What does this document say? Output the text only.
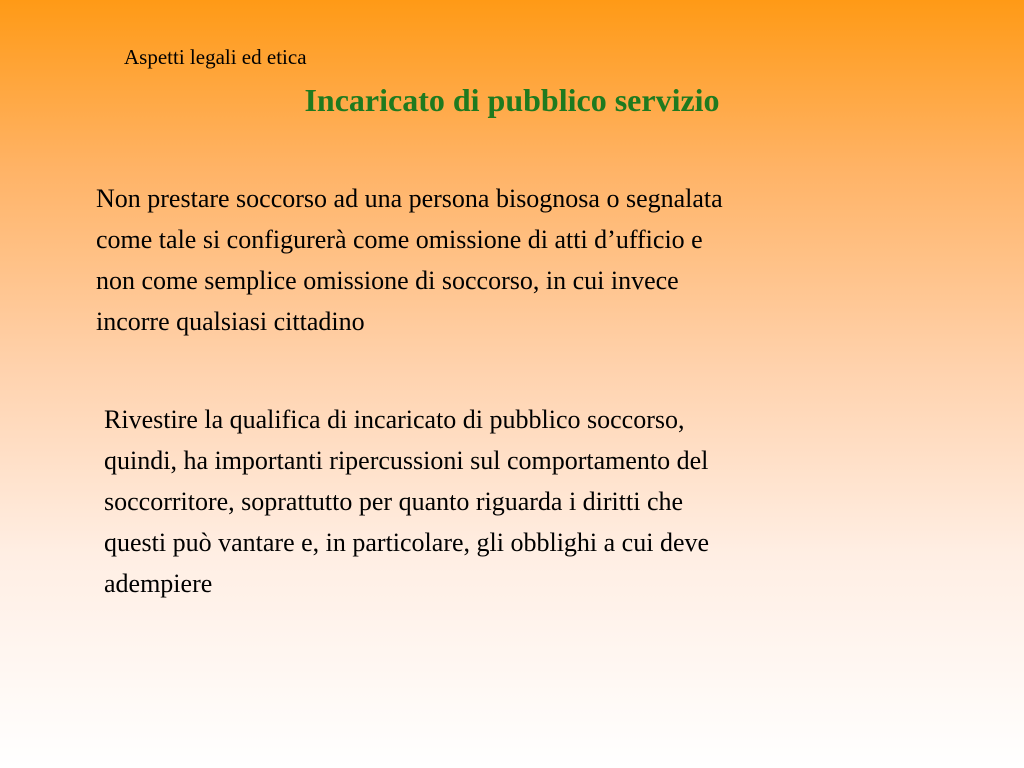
Aspetti legali ed etica
Incaricato di pubblico servizio
Non prestare soccorso ad una persona bisognosa o segnalata
come tale si configurerà come omissione di atti d’ufficio e
non come semplice omissione di soccorso, in cui invece
incorre qualsiasi cittadino
Rivestire la qualifica di incaricato di pubblico soccorso,
quindi, ha importanti ripercussioni sul comportamento del
soccorritore, soprattutto per quanto riguarda i diritti che
questi può vantare e, in particolare, gli obblighi a cui deve
adempiere
